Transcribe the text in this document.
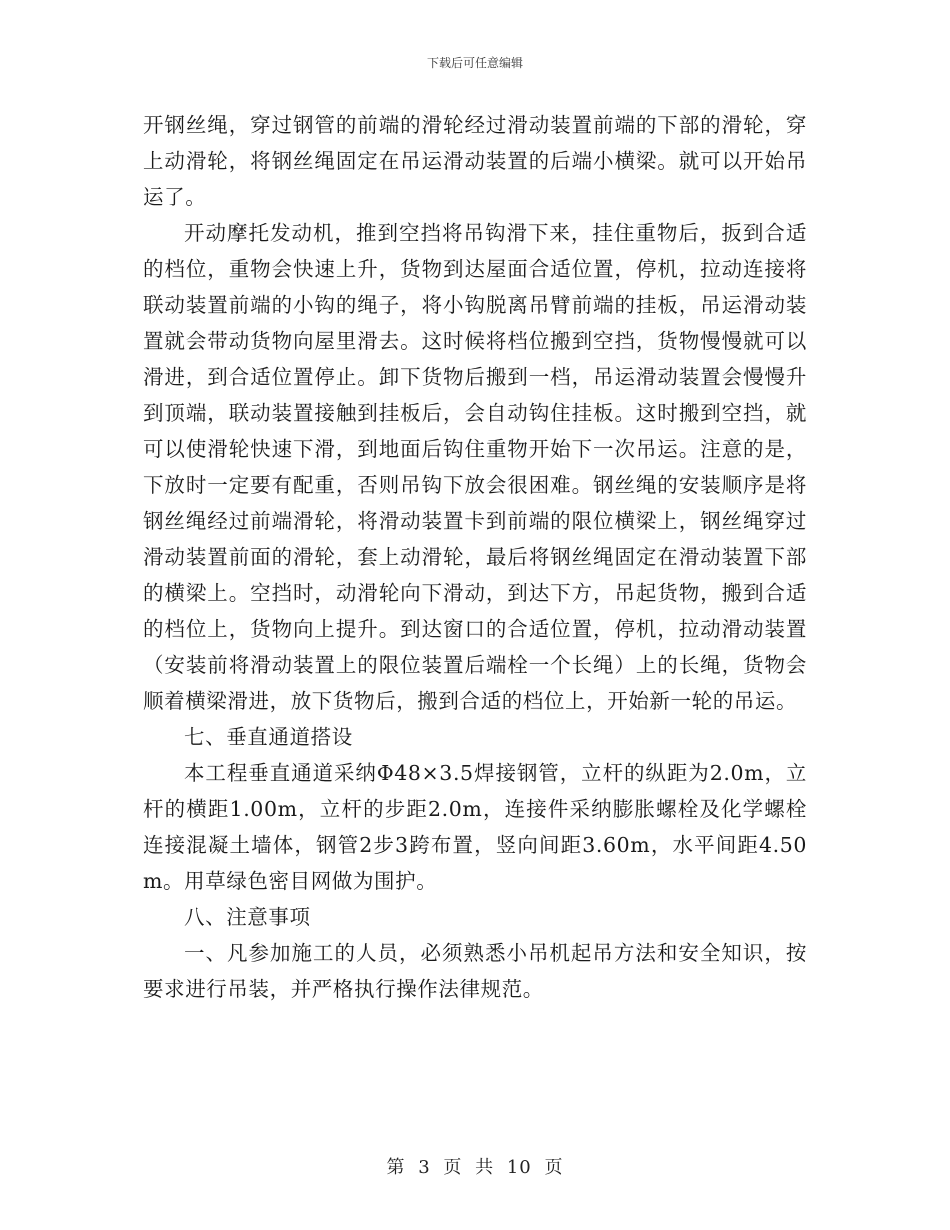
下载后可任意编辑

开钢丝绳，穿过钢管的前端的滑轮经过滑动装置前端的下部的滑轮，穿上动滑轮，将钢丝绳固定在吊运滑动装置的后端小横梁。就可以开始吊运了。

开动摩托发动机，推到空挡将吊钩滑下来，挂住重物后，扳到合适的档位，重物会快速上升，货物到达屋面合适位置，停机，拉动连接将联动装置前端的小钩的绳子，将小钩脱离吊臂前端的挂板，吊运滑动装置就会带动货物向屋里滑去。这时候将档位搬到空挡，货物慢慢就可以滑进，到合适位置停止。卸下货物后搬到一档，吊运滑动装置会慢慢升到顶端，联动装置接触到挂板后，会自动钩住挂板。这时搬到空挡，就可以使滑轮快速下滑，到地面后钩住重物开始下一次吊运。注意的是，下放时一定要有配重，否则吊钩下放会很困难。钢丝绳的安装顺序是将钢丝绳经过前端滑轮，将滑动装置卡到前端的限位横梁上，钢丝绳穿过滑动装置前面的滑轮，套上动滑轮，最后将钢丝绳固定在滑动装置下部的横梁上。空挡时，动滑轮向下滑动，到达下方，吊起货物，搬到合适的档位上，货物向上提升。到达窗口的合适位置，停机，拉动滑动装置（安装前将滑动装置上的限位装置后端栓一个长绳）上的长绳，货物会顺着横梁滑进，放下货物后，搬到合适的档位上，开始新一轮的吊运。

七、垂直通道搭设

本工程垂直通道采纳Φ48×3.5焊接钢管，立杆的纵距为2.0m，立杆的横距1.00m，立杆的步距2.0m，连接件采纳膨胀螺栓及化学螺栓连接混凝土墙体，钢管2步3跨布置，竖向间距3.60m，水平间距4.50m。用草绿色密目网做为围护。

八、注意事项

一、凡参加施工的人员，必须熟悉小吊机起吊方法和安全知识，按要求进行吊装，并严格执行操作法律规范。

第 3 页 共 10 页
